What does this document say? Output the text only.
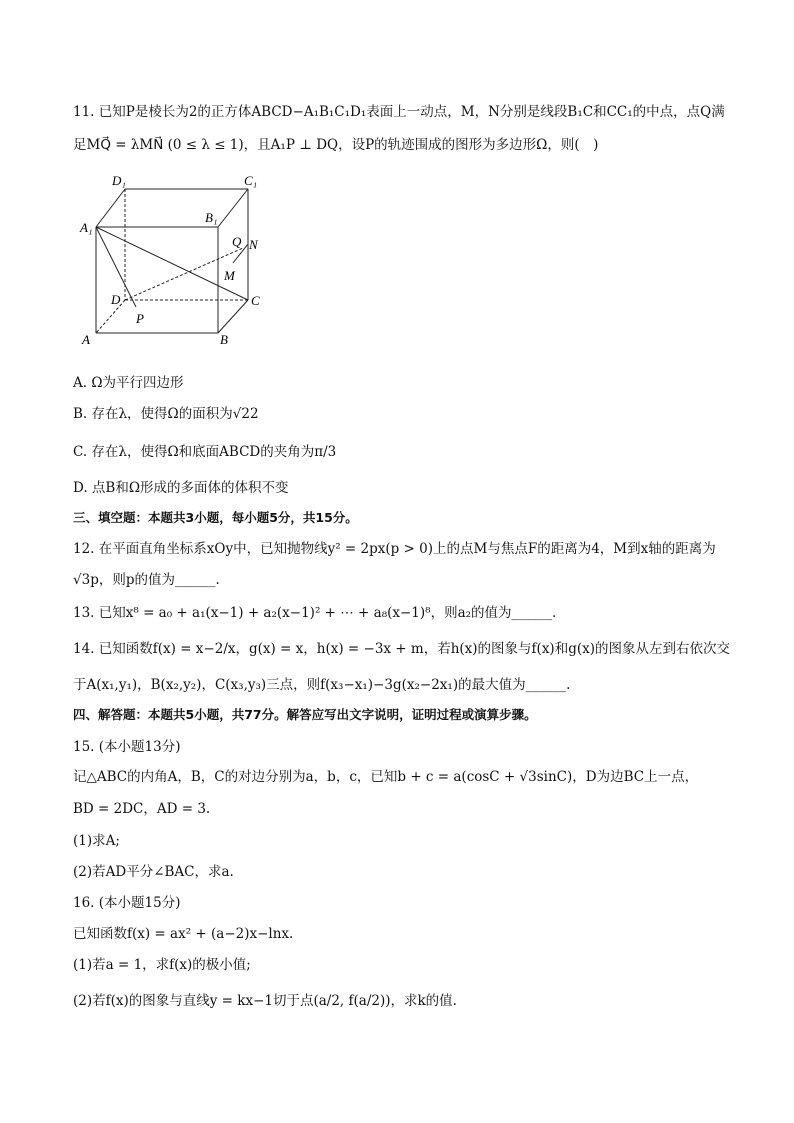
11. 已知P是棱长为2的正方体ABCD−A₁B₁C₁D₁表面上一动点，M，N分别是线段B₁C和CC₁的中点，点Q满
足MQ⃗ = λMN⃗ (0 ≤ λ ≤ 1)，且A₁P ⊥ DQ，设P的轨迹围成的图形为多边形Ω，则(　)
D₁	C₁
A₁
B₁
Q N
M
D	C
P
A	B
A. Ω为平行四边形
B. 存在λ，使得Ω的面积为√22
C. 存在λ，使得Ω和底面ABCD的夹角为π/3
D. 点B和Ω形成的多面体的体积不变
三、填空题：本题共3小题，每小题5分，共15分。
12. 在平面直角坐标系xOy中，已知抛物线y² = 2px(p > 0)上的点M与焦点F的距离为4，M到x轴的距离为
√3p，则p的值为______.
13. 已知x⁸ = a₀ + a₁(x−1) + a₂(x−1)² + ⋯ + a₈(x−1)⁸，则a₂的值为______.
14. 已知函数f(x) = x−2/x，g(x) = x，h(x) = −3x + m，若h(x)的图象与f(x)和g(x)的图象从左到右依次交
于A(x₁,y₁)，B(x₂,y₂)，C(x₃,y₃)三点，则f(x₃−x₁)−3g(x₂−2x₁)的最大值为______.
四、解答题：本题共5小题，共77分。解答应写出文字说明，证明过程或演算步骤。
15. (本小题13分)
记△ABC的内角A，B，C的对边分别为a，b，c，已知b + c = a(cosC + √3sinC)，D为边BC上一点，
BD = 2DC，AD = 3.
(1)求A;
(2)若AD平分∠BAC，求a.
16. (本小题15分)
已知函数f(x) = ax² + (a−2)x−lnx.
(1)若a = 1，求f(x)的极小值;
(2)若f(x)的图象与直线y = kx−1切于点(a/2, f(a/2))，求k的值.
